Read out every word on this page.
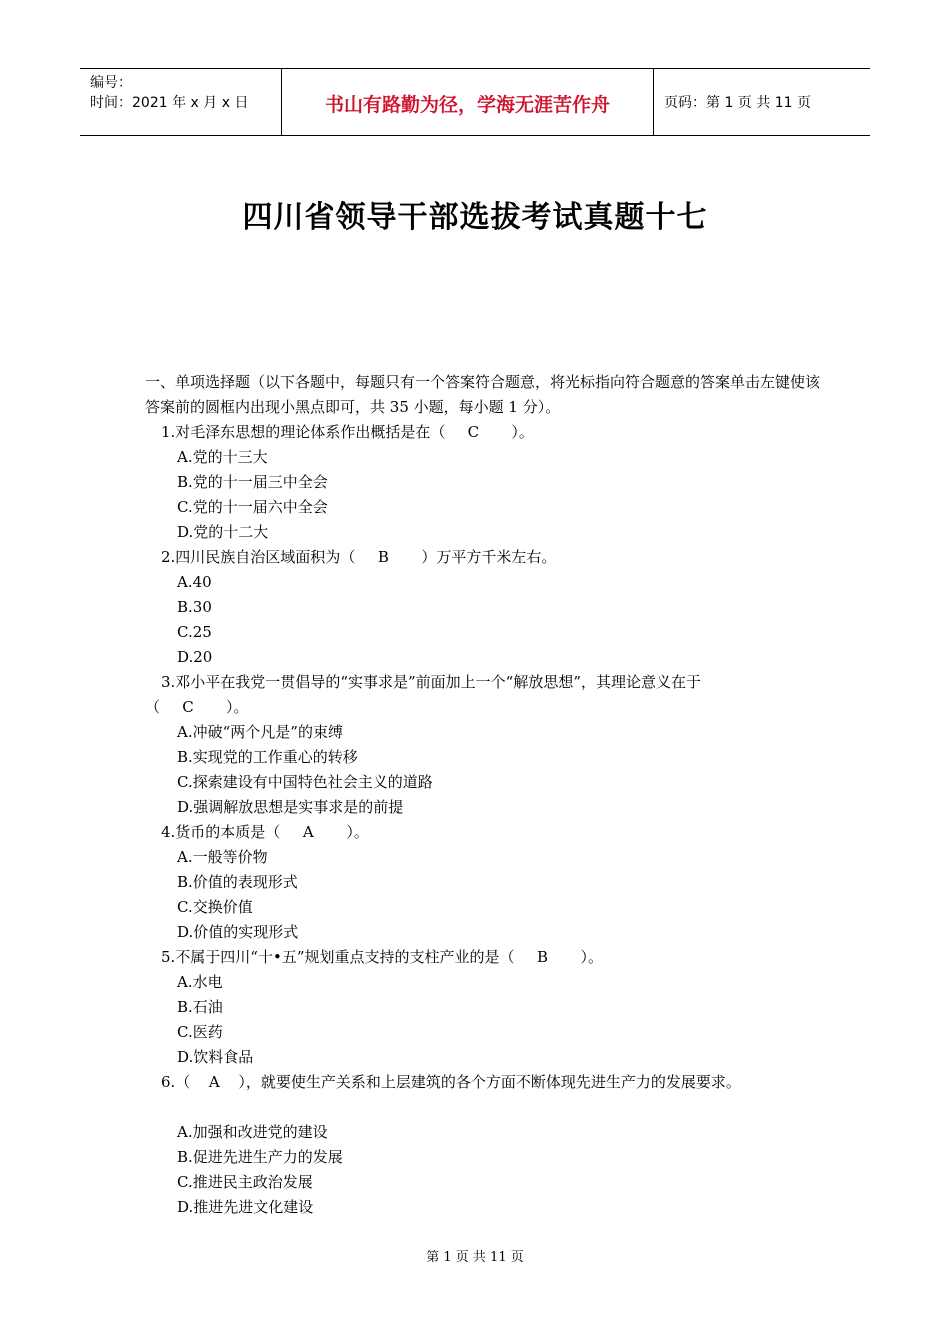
编号：
时间：2021 年 x 月 x 日	书山有路勤为径，学海无涯苦作舟	页码：第 1 页 共 11 页
四川省领导干部选拔考试真题十七
一、单项选择题（以下各题中，每题只有一个答案符合题意，将光标指向符合题意的答案单击左键使该答案前的圆框内出现小黑点即可，共 35 小题，每小题 1 分）。
1.对毛泽东思想的理论体系作出概括是在（ C ）。
A.党的十三大
B.党的十一届三中全会
C.党的十一届六中全会
D.党的十二大
2.四川民族自治区域面积为（ B ）万平方千米左右。
A.40
B.30
C.25
D.20
3.邓小平在我党一贯倡导的“实事求是”前面加上一个“解放思想”，其理论意义在于
（ C ）。
A.冲破“两个凡是”的束缚
B.实现党的工作重心的转移
C.探索建设有中国特色社会主义的道路
D.强调解放思想是实事求是的前提
4.货币的本质是（ A ）。
A.一般等价物
B.价值的表现形式
C.交换价值
D.价值的实现形式
5.不属于四川“十•五”规划重点支持的支柱产业的是（ B ）。
A.水电
B.石油
C.医药
D.饮料食品
6.（ A ），就要使生产关系和上层建筑的各个方面不断体现先进生产力的发展要求。
A.加强和改进党的建设
B.促进先进生产力的发展
C.推进民主政治发展
D.推进先进文化建设
第 1 页 共 11 页
